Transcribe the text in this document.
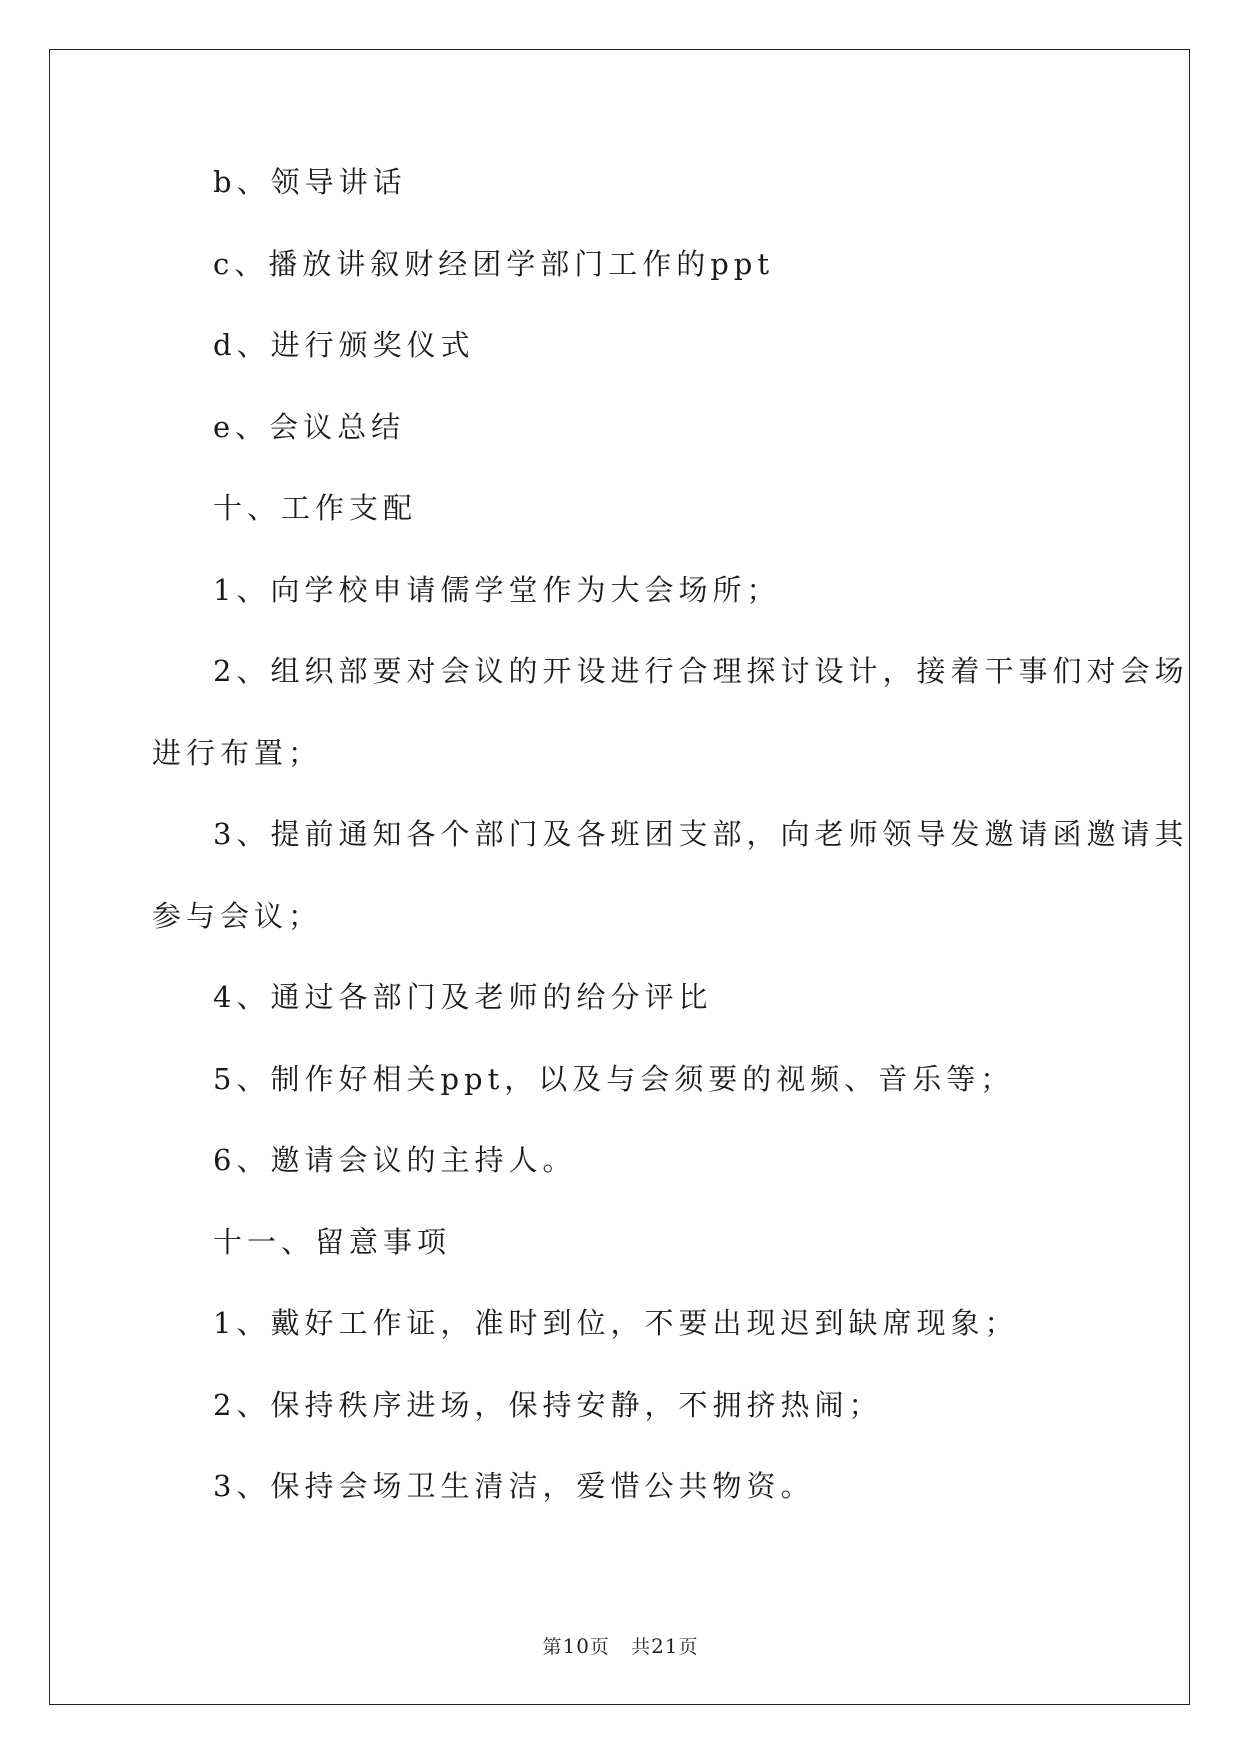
b、领导讲话
c、播放讲叙财经团学部门工作的ppt
d、进行颁奖仪式
e、会议总结
十、工作支配
1、向学校申请儒学堂作为大会场所；
2、组织部要对会议的开设进行合理探讨设计，接着干事们对会场
进行布置；
3、提前通知各个部门及各班团支部，向老师领导发邀请函邀请其
参与会议；
4、通过各部门及老师的给分评比
5、制作好相关ppt，以及与会须要的视频、音乐等；
6、邀请会议的主持人。
十一、留意事项
1、戴好工作证，准时到位，不要出现迟到缺席现象；
2、保持秩序进场，保持安静，不拥挤热闹；
3、保持会场卫生清洁，爱惜公共物资。
第10页 共21页
